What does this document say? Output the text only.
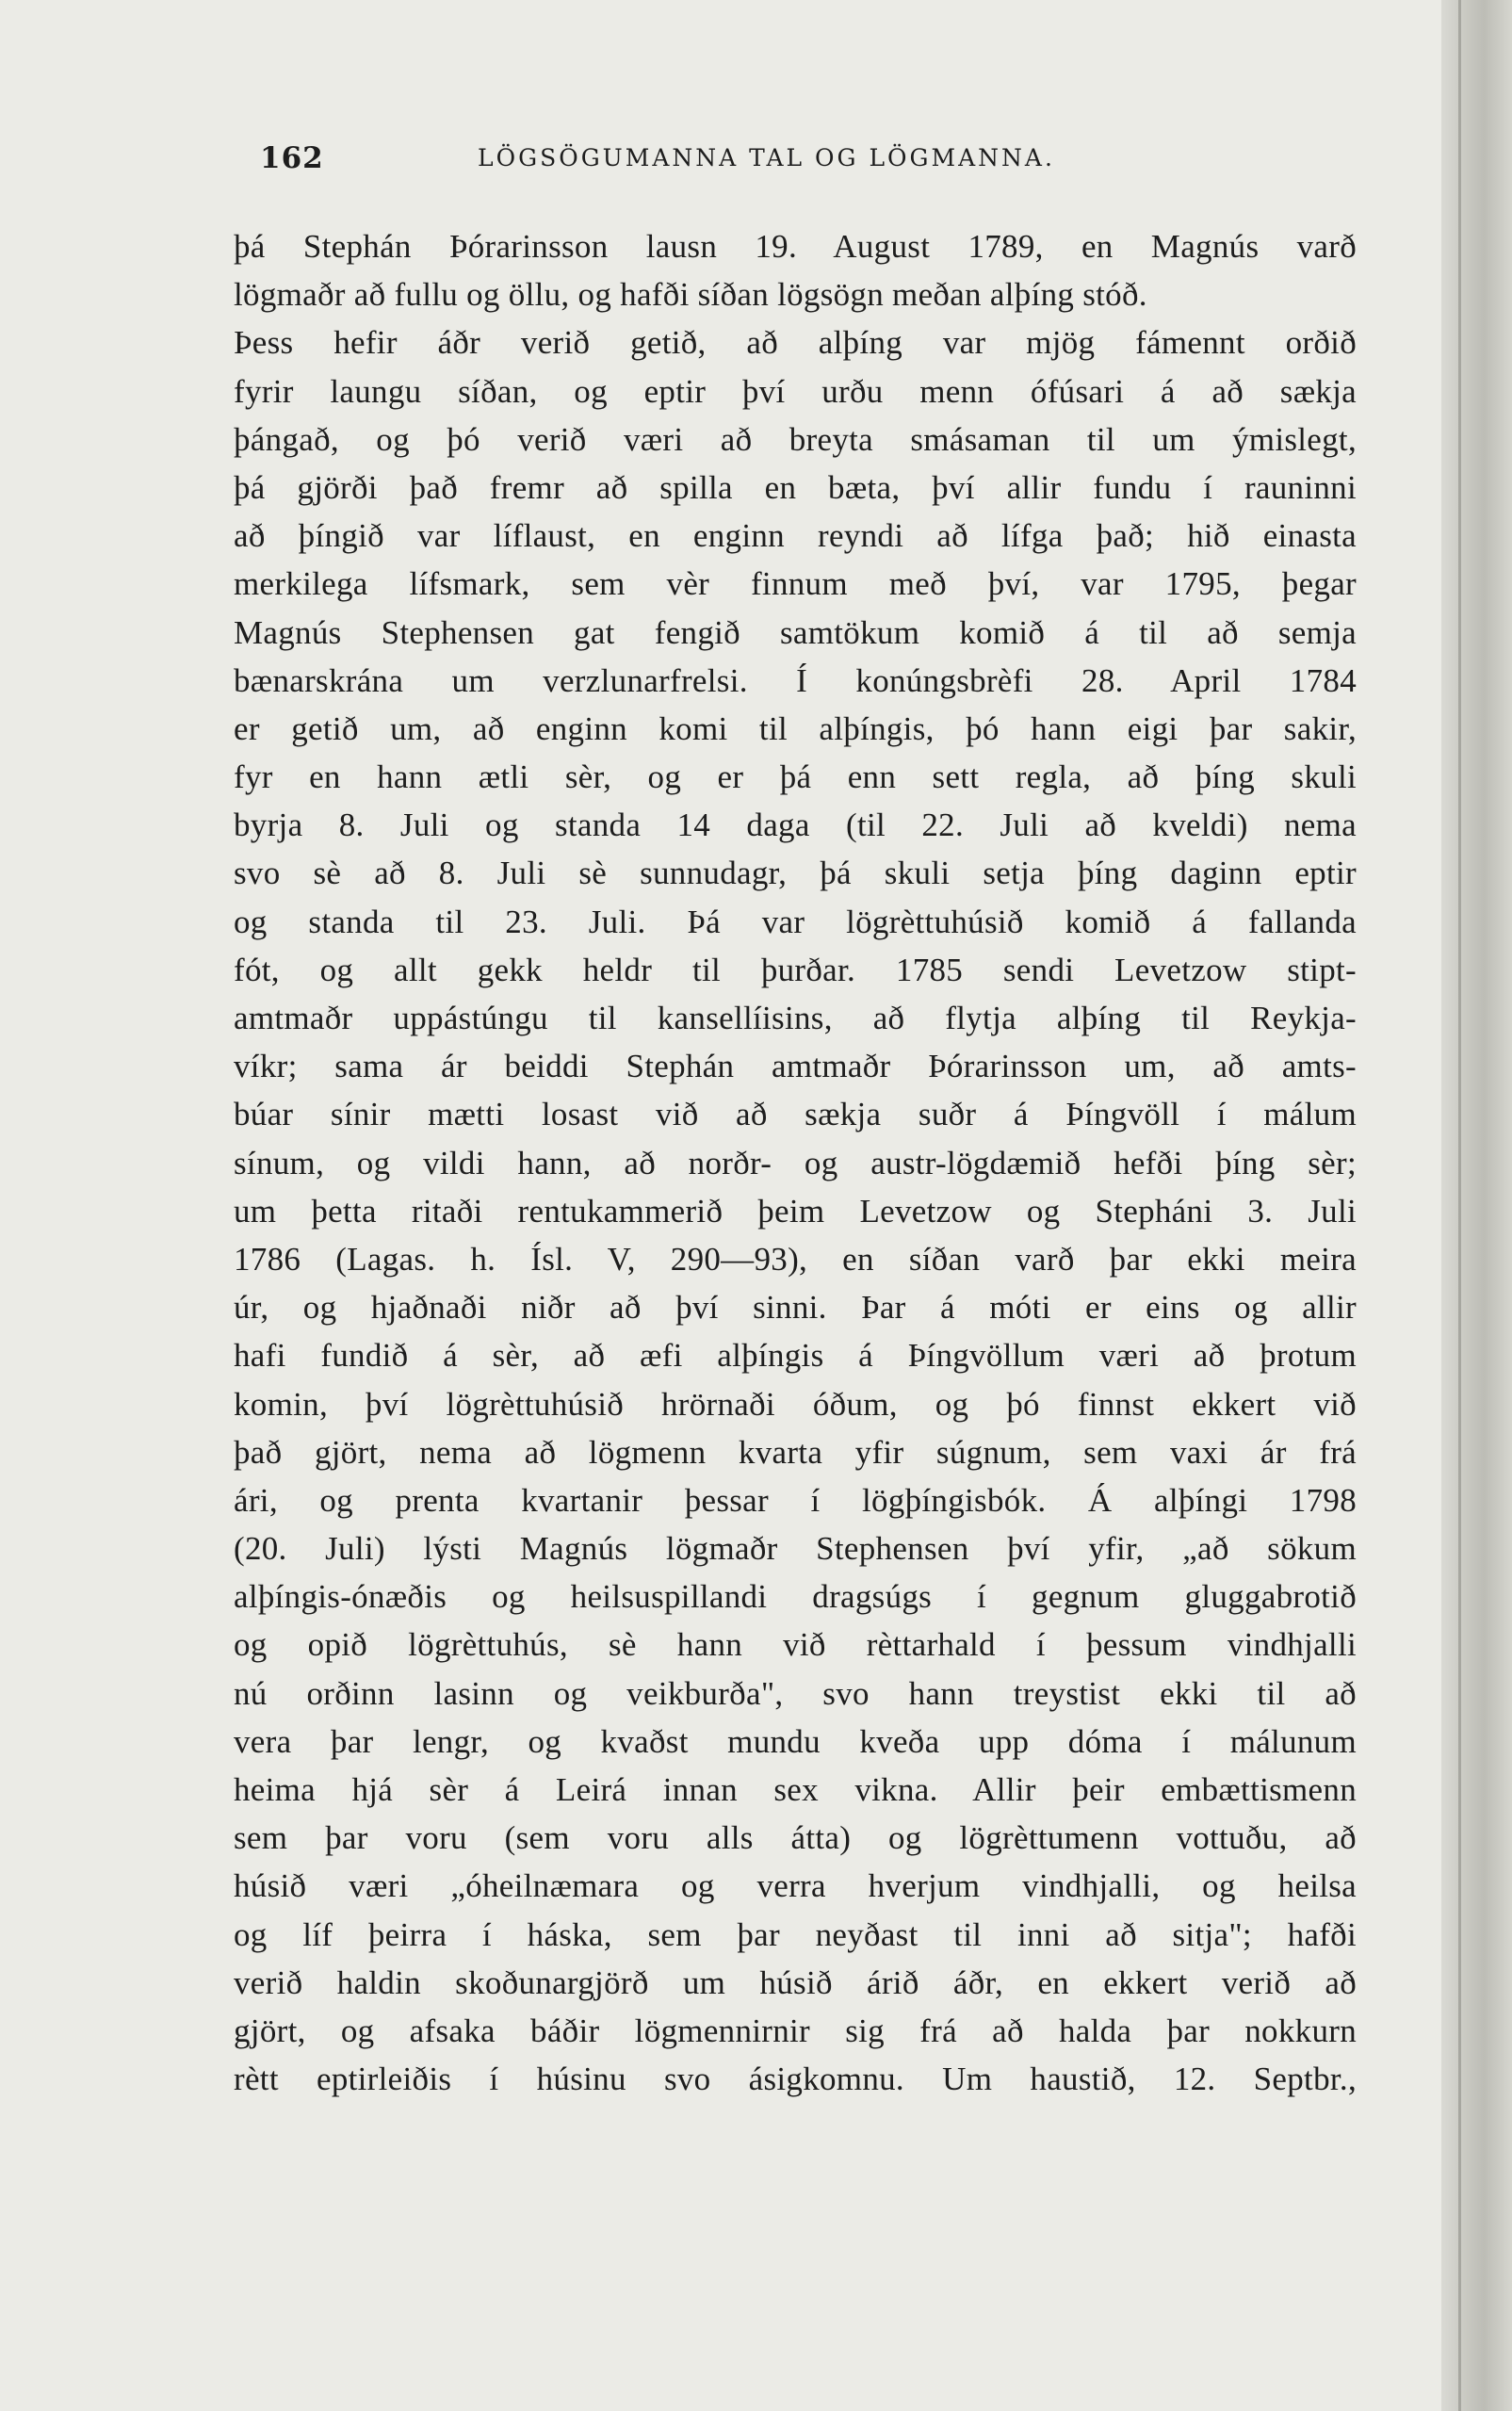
162	LÖGSÖGUMANNA TAL OG LÖGMANNA.
þá Stephán Þórarinsson lausn 19. August 1789, en Magnús varð
lögmaðr að fullu og öllu, og hafði síðan lögsögn meðan alþíng stóð.
Þess hefir áðr verið getið, að alþíng var mjög fámennt orðið
fyrir laungu síðan, og eptir því urðu menn ófúsari á að sækja
þángað, og þó verið væri að breyta smásaman til um ýmislegt,
þá gjörði það fremr að spilla en bæta, því allir fundu í rauninni
að þíngið var líflaust, en enginn reyndi að lífga það; hið einasta
merkilega lífsmark, sem vèr finnum með því, var 1795, þegar
Magnús Stephensen gat fengið samtökum komið á til að semja
bænarskrána um verzlunarfrelsi. Í konúngsbrèfi 28. April 1784
er getið um, að enginn komi til alþíngis, þó hann eigi þar sakir,
fyr en hann ætli sèr, og er þá enn sett regla, að þíng skuli
byrja 8. Juli og standa 14 daga (til 22. Juli að kveldi) nema
svo sè að 8. Juli sè sunnudagr, þá skuli setja þíng daginn eptir
og standa til 23. Juli. Þá var lögrèttuhúsið komið á fallanda
fót, og allt gekk heldr til þurðar. 1785 sendi Levetzow stipt-
amtmaðr uppástúngu til kansellíisins, að flytja alþíng til Reykja-
víkr; sama ár beiddi Stephán amtmaðr Þórarinsson um, að amts-
búar sínir mætti losast við að sækja suðr á Þíngvöll í málum
sínum, og vildi hann, að norðr- og austr-lögdæmið hefði þíng sèr;
um þetta ritaði rentukammerið þeim Levetzow og Stepháni 3. Juli
1786 (Lagas. h. Ísl. V, 290—93), en síðan varð þar ekki meira
úr, og hjaðnaði niðr að því sinni. Þar á móti er eins og allir
hafi fundið á sèr, að æfi alþíngis á Þíngvöllum væri að þrotum
komin, því lögrèttuhúsið hrörnaði óðum, og þó finnst ekkert við
það gjört, nema að lögmenn kvarta yfir súgnum, sem vaxi ár frá
ári, og prenta kvartanir þessar í lögþíngisbók. Á alþíngi 1798
(20. Juli) lýsti Magnús lögmaðr Stephensen því yfir, „að sökum
alþíngis-ónæðis og heilsuspillandi dragsúgs í gegnum gluggabrotið
og opið lögrèttuhús, sè hann við rèttarhald í þessum vindhjalli
nú orðinn lasinn og veikburða", svo hann treystist ekki til að
vera þar lengr, og kvaðst mundu kveða upp dóma í málunum
heima hjá sèr á Leirá innan sex vikna. Allir þeir embættismenn
sem þar voru (sem voru alls átta) og lögrèttumenn vottuðu, að
húsið væri „óheilnæmara og verra hverjum vindhjalli, og heilsa
og líf þeirra í háska, sem þar neyðast til inni að sitja"; hafði
verið haldin skoðunargjörð um húsið árið áðr, en ekkert verið að
gjört, og afsaka báðir lögmennirnir sig frá að halda þar nokkurn
rètt eptirleiðis í húsinu svo ásigkomnu. Um haustið, 12. Septbr.,
